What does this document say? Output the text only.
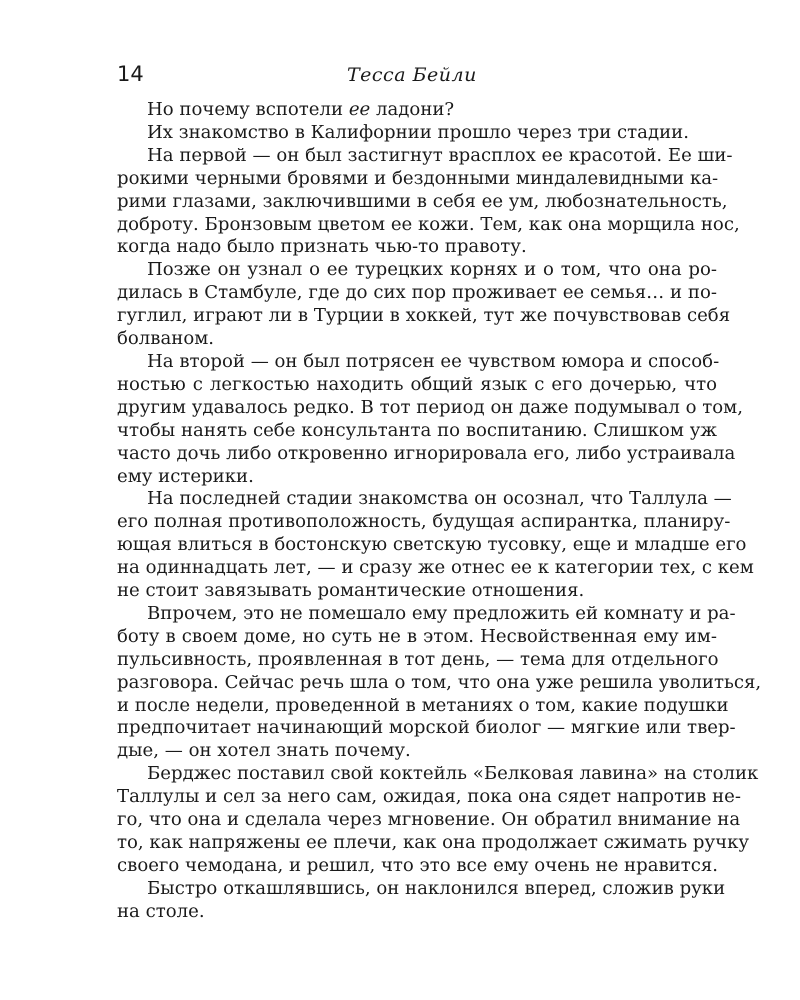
14	Тесса Бейли
Но почему вспотели ее ладони?
Их знакомство в Калифорнии прошло через три стадии.
На первой — он был застигнут врасплох ее красотой. Ее ши-
рокими черными бровями и бездонными миндалевидными ка-
рими глазами, заключившими в себя ее ум, любознательность,
доброту. Бронзовым цветом ее кожи. Тем, как она морщила нос,
когда надо было признать чью-то правоту.
Позже он узнал о ее турецких корнях и о том, что она ро-
дилась в Стамбуле, где до сих пор проживает ее семья… и по-
гуглил, играют ли в Турции в хоккей, тут же почувствовав себя
болваном.
На второй — он был потрясен ее чувством юмора и способ-
ностью с легкостью находить общий язык с его дочерью, что
другим удавалось редко. В тот период он даже подумывал о том,
чтобы нанять себе консультанта по воспитанию. Слишком уж
часто дочь либо откровенно игнорировала его, либо устраивала
ему истерики.
На последней стадии знакомства он осознал, что Таллула —
его полная противоположность, будущая аспирантка, планиру-
ющая влиться в бостонскую светскую тусовку, еще и младше его
на одиннадцать лет, — и сразу же отнес ее к категории тех, с кем
не стоит завязывать романтические отношения.
Впрочем, это не помешало ему предложить ей комнату и ра-
боту в своем доме, но суть не в этом. Несвойственная ему им-
пульсивность, проявленная в тот день, — тема для отдельного
разговора. Сейчас речь шла о том, что она уже решила уволиться,
и после недели, проведенной в метаниях о том, какие подушки
предпочитает начинающий морской биолог — мягкие или твер-
дые, — он хотел знать почему.
Берджес поставил свой коктейль «Белковая лавина» на столик
Таллулы и сел за него сам, ожидая, пока она сядет напротив не-
го, что она и сделала через мгновение. Он обратил внимание на
то, как напряжены ее плечи, как она продолжает сжимать ручку
своего чемодана, и решил, что это все ему очень не нравится.
Быстро откашлявшись, он наклонился вперед, сложив руки
на столе.
